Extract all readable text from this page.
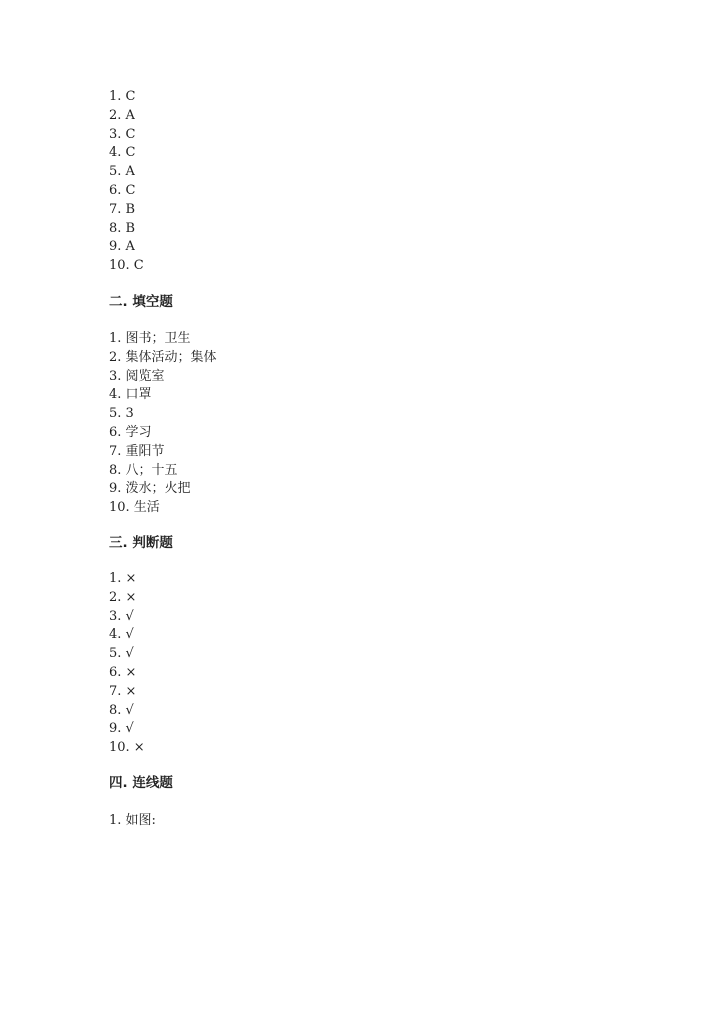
1. C
2. A
3. C
4. C
5. A
6. C
7. B
8. B
9. A
10. C
二. 填空题
1. 图书；卫生
2. 集体活动；集体
3. 阅览室
4. 口罩
5. 3
6. 学习
7. 重阳节
8. 八；十五
9. 泼水；火把
10. 生活
三. 判断题
1. ×
2. ×
3. √
4. √
5. √
6. ×
7. ×
8. √
9. √
10. ×
四. 连线题
1. 如图:
